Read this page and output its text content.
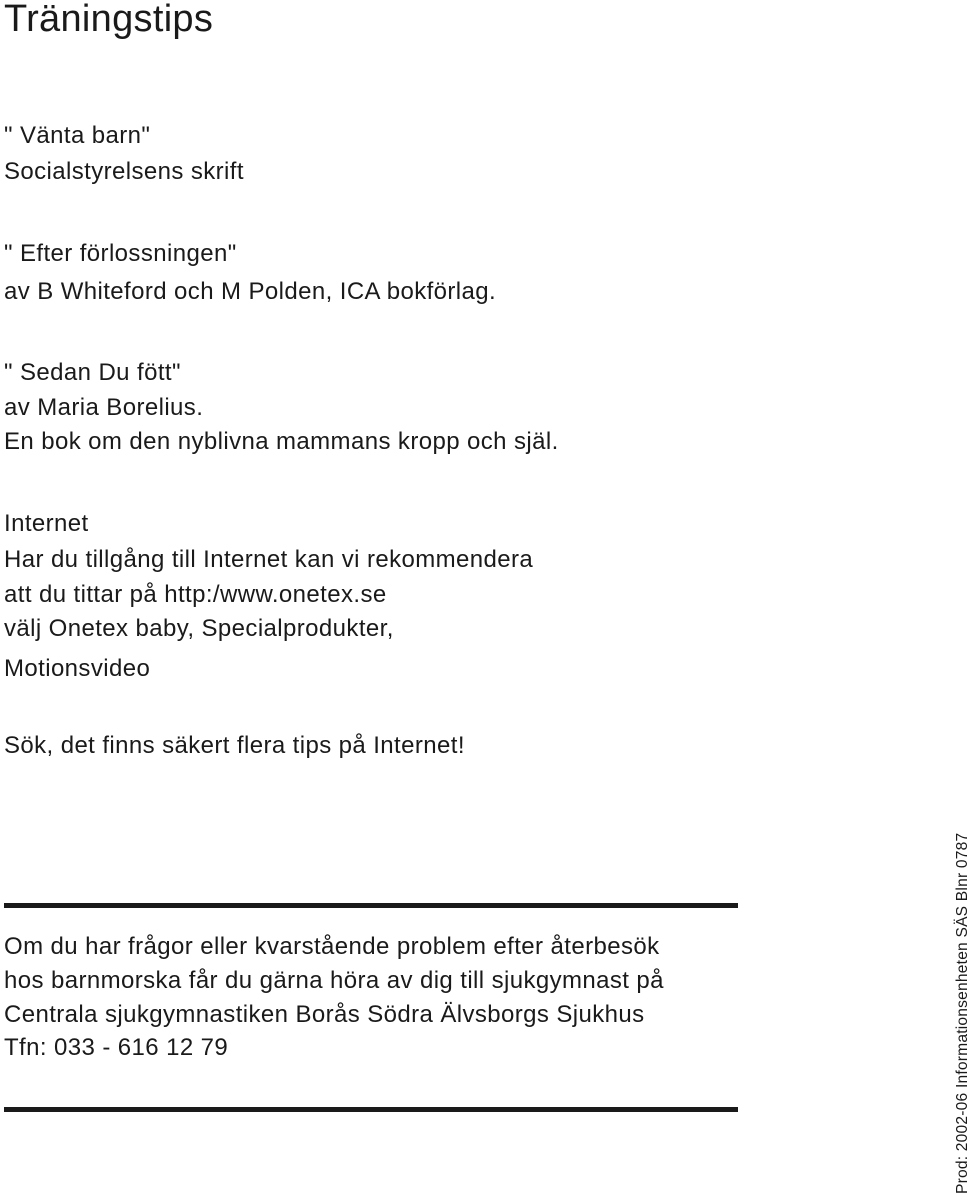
Träningstips

" Vänta barn"

Socialstyrelsens skrift

" Efter förlossningen"

av B Whiteford och M Polden, ICA bokförlag.

" Sedan Du fött"

av Maria Borelius.

En bok om den nyblivna mammans kropp och själ.

Internet

Har du tillgång till Internet kan vi rekommendera

att du tittar på http:/www.onetex.se

välj Onetex baby, Specialprodukter,

Motionsvideo

Sök, det finns säkert flera tips på Internet!

Om du har frågor eller kvarstående problem efter återbesök

hos barnmorska får du gärna höra av dig till sjukgymnast på

Centrala sjukgymnastiken Borås Södra Älvsborgs Sjukhus

Tfn: 033 - 616 12 79	Prod: 2002-06 Informationsenheten SÄS Blnr 0787
